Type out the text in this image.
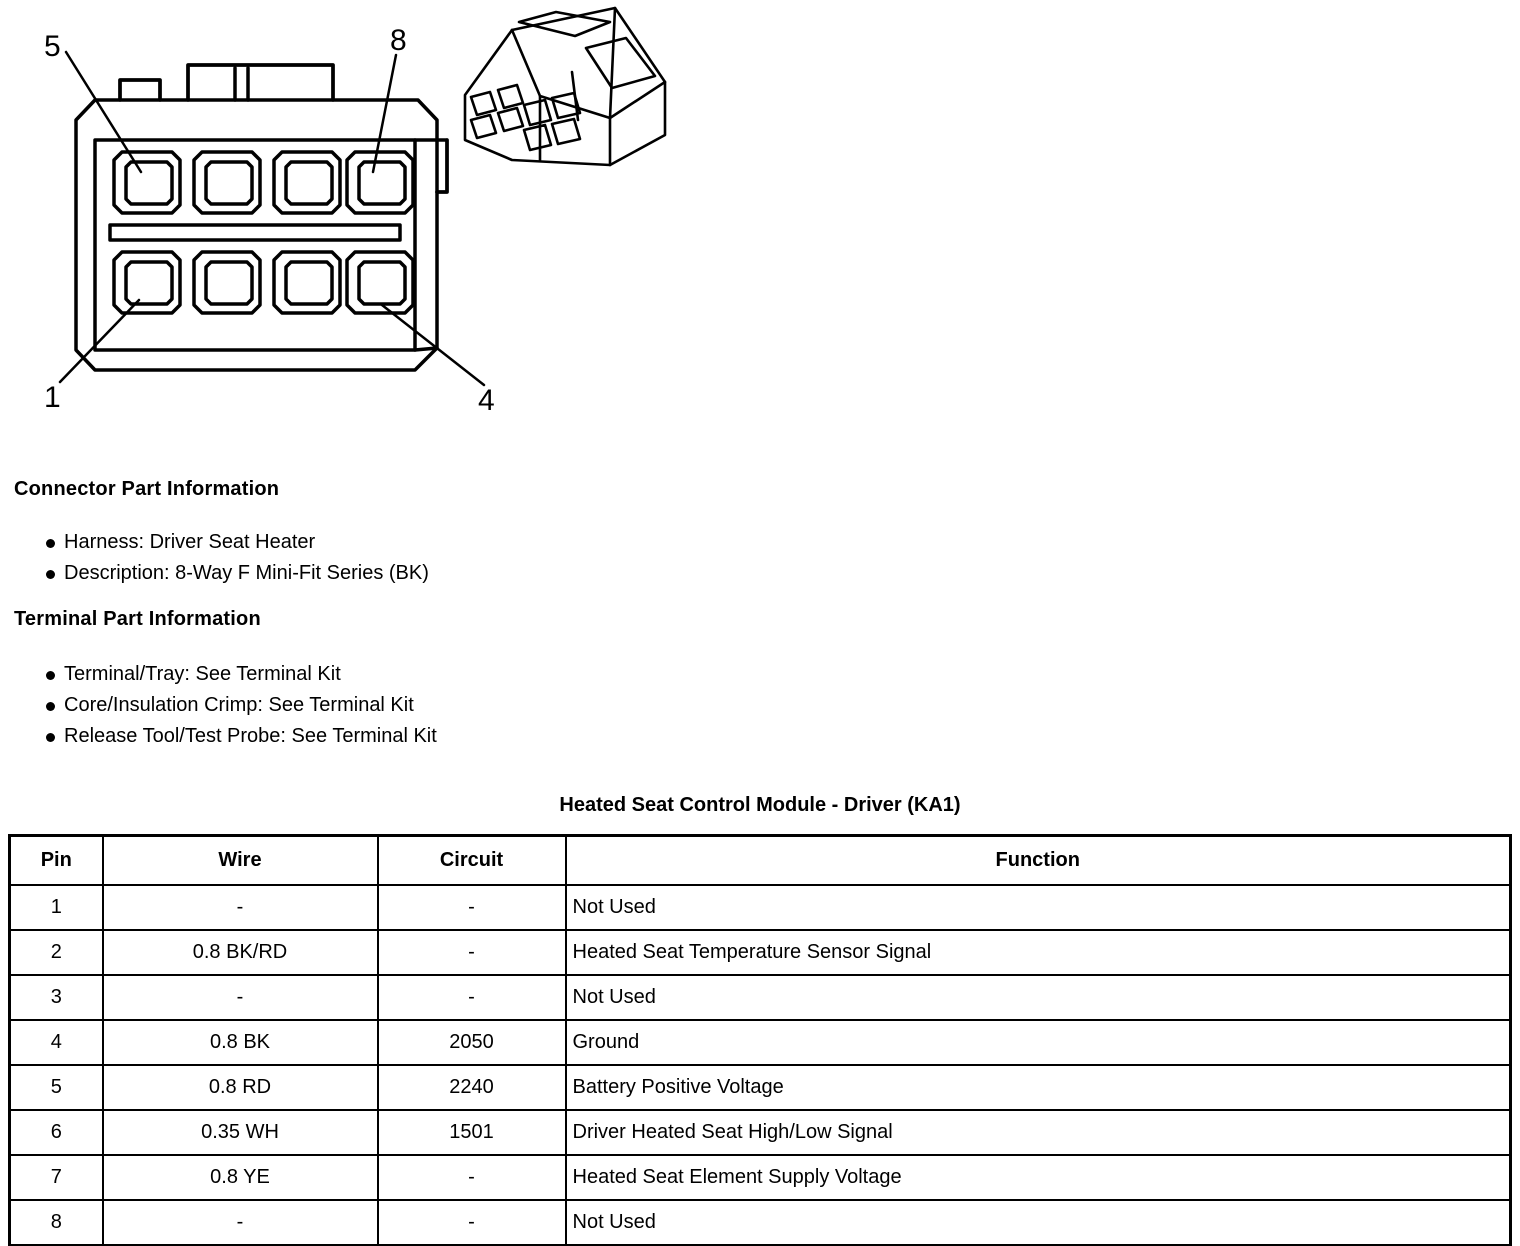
5	8
1	4
Connector Part Information
Harness: Driver Seat Heater
Description: 8-Way F Mini-Fit Series (BK)
Terminal Part Information
Terminal/Tray: See Terminal Kit
Core/Insulation Crimp: See Terminal Kit
Release Tool/Test Probe: See Terminal Kit
Heated Seat Control Module - Driver (KA1)
Pin	Wire	Circuit	Function
1	-	-	Not Used
2	0.8 BK/RD	-	Heated Seat Temperature Sensor Signal
3	-	-	Not Used
4	0.8 BK	2050	Ground
5	0.8 RD	2240	Battery Positive Voltage
6	0.35 WH	1501	Driver Heated Seat High/Low Signal
7	0.8 YE	-	Heated Seat Element Supply Voltage
8	-	-	Not Used
